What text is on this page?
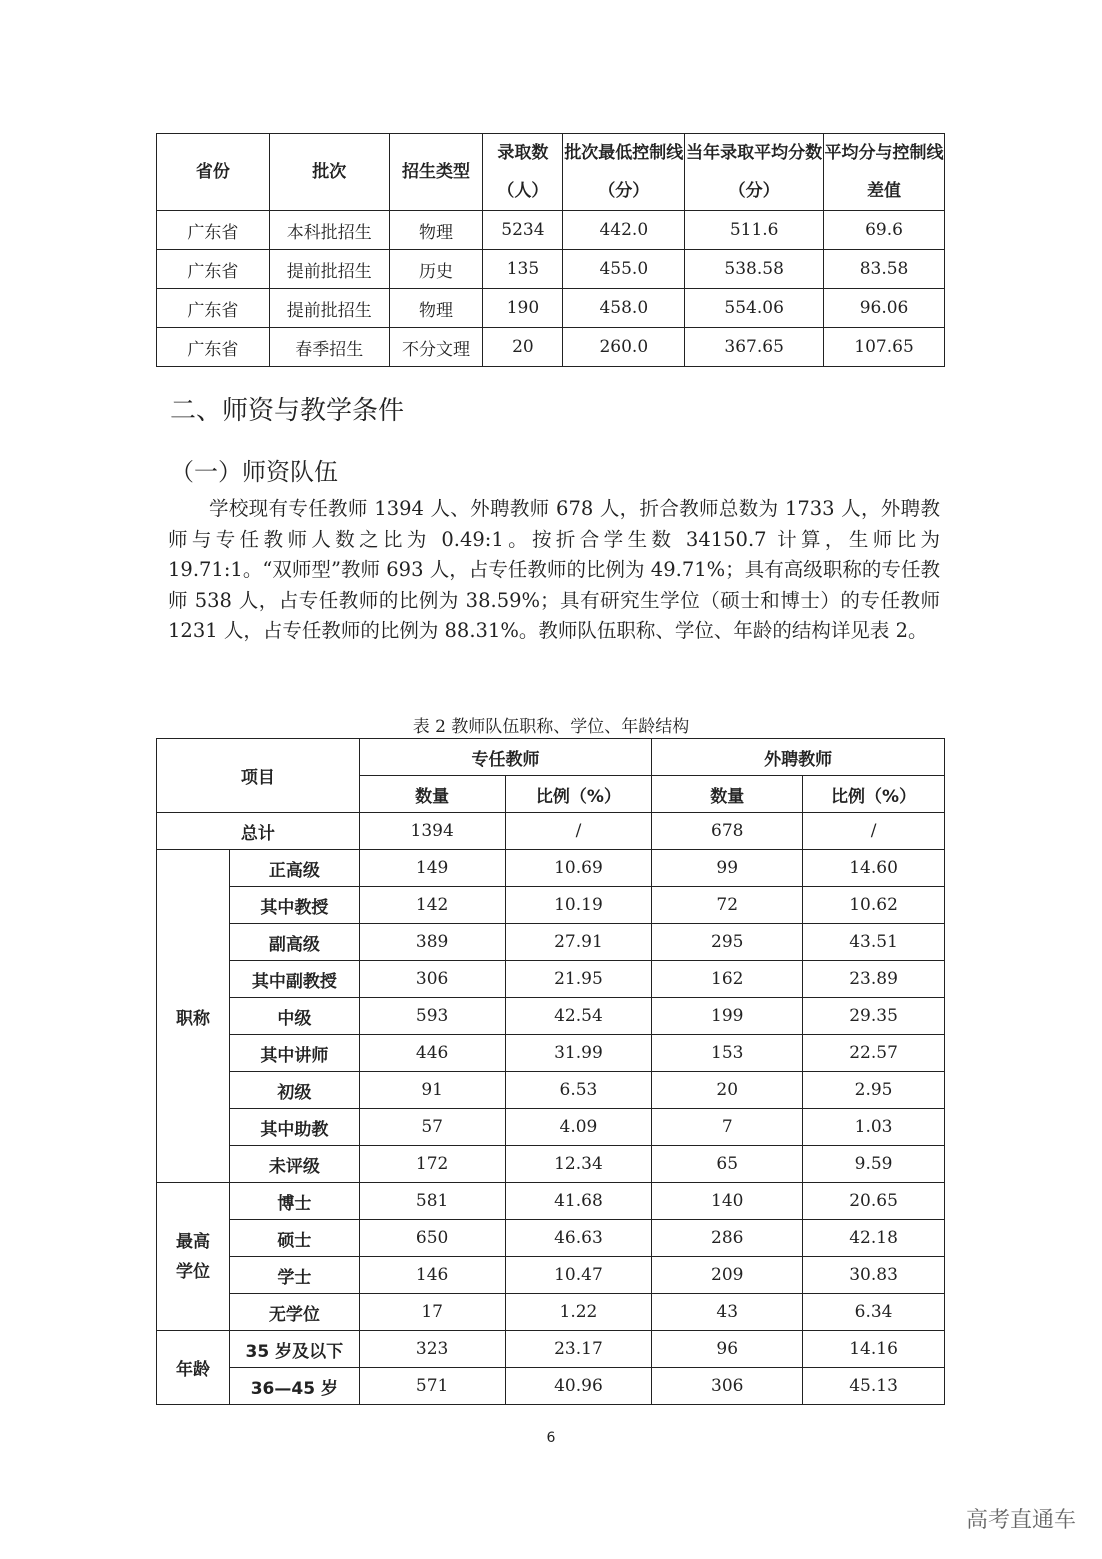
省份	批次	招生类型	录取数（人）	批次最低控制线（分）	当年录取平均分数（分）	平均分与控制线差值
广东省	本科批招生	物理	5234	442.0	511.6	69.6
广东省	提前批招生	历史	135	455.0	538.58	83.58
广东省	提前批招生	物理	190	458.0	554.06	96.06
广东省	春季招生	不分文理	20	260.0	367.65	107.65
二、师资与教学条件
（一）师资队伍

学校现有专任教师 1394 人、外聘教师 678 人，折合教师总数为 1733 人，外聘教师与专任教师人数之比为 0.49:1。按折合学生数 34150.7 计算，生师比为 19.71:1。“双师型”教师 693 人，占专任教师的比例为 49.71%；具有高级职称的专任教师 538 人，占专任教师的比例为 38.59%；具有研究生学位（硕士和博士）的专任教师 1231 人，占专任教师的比例为 88.31%。教师队伍职称、学位、年龄的结构详见表 2。

表 2 教师队伍职称、学位、年龄结构
项目		专任教师		外聘教师	
		数量	比例（%）	数量	比例（%）
总计		1394	/	678	/
职称	正高级	149	10.69	99	14.60
	其中教授	142	10.19	72	10.62
	副高级	389	27.91	295	43.51
	其中副教授	306	21.95	162	23.89
	中级	593	42.54	199	29.35
	其中讲师	446	31.99	153	22.57
	初级	91	6.53	20	2.95
	其中助教	57	4.09	7	1.03
	未评级	172	12.34	65	9.59
最高学位	博士	581	41.68	140	20.65
	硕士	650	46.63	286	42.18
	学士	146	10.47	209	30.83
	无学位	17	1.22	43	6.34
年龄	35 岁及以下	323	23.17	96	14.16
	36—45 岁	571	40.96	306	45.13
6
高考直通车
